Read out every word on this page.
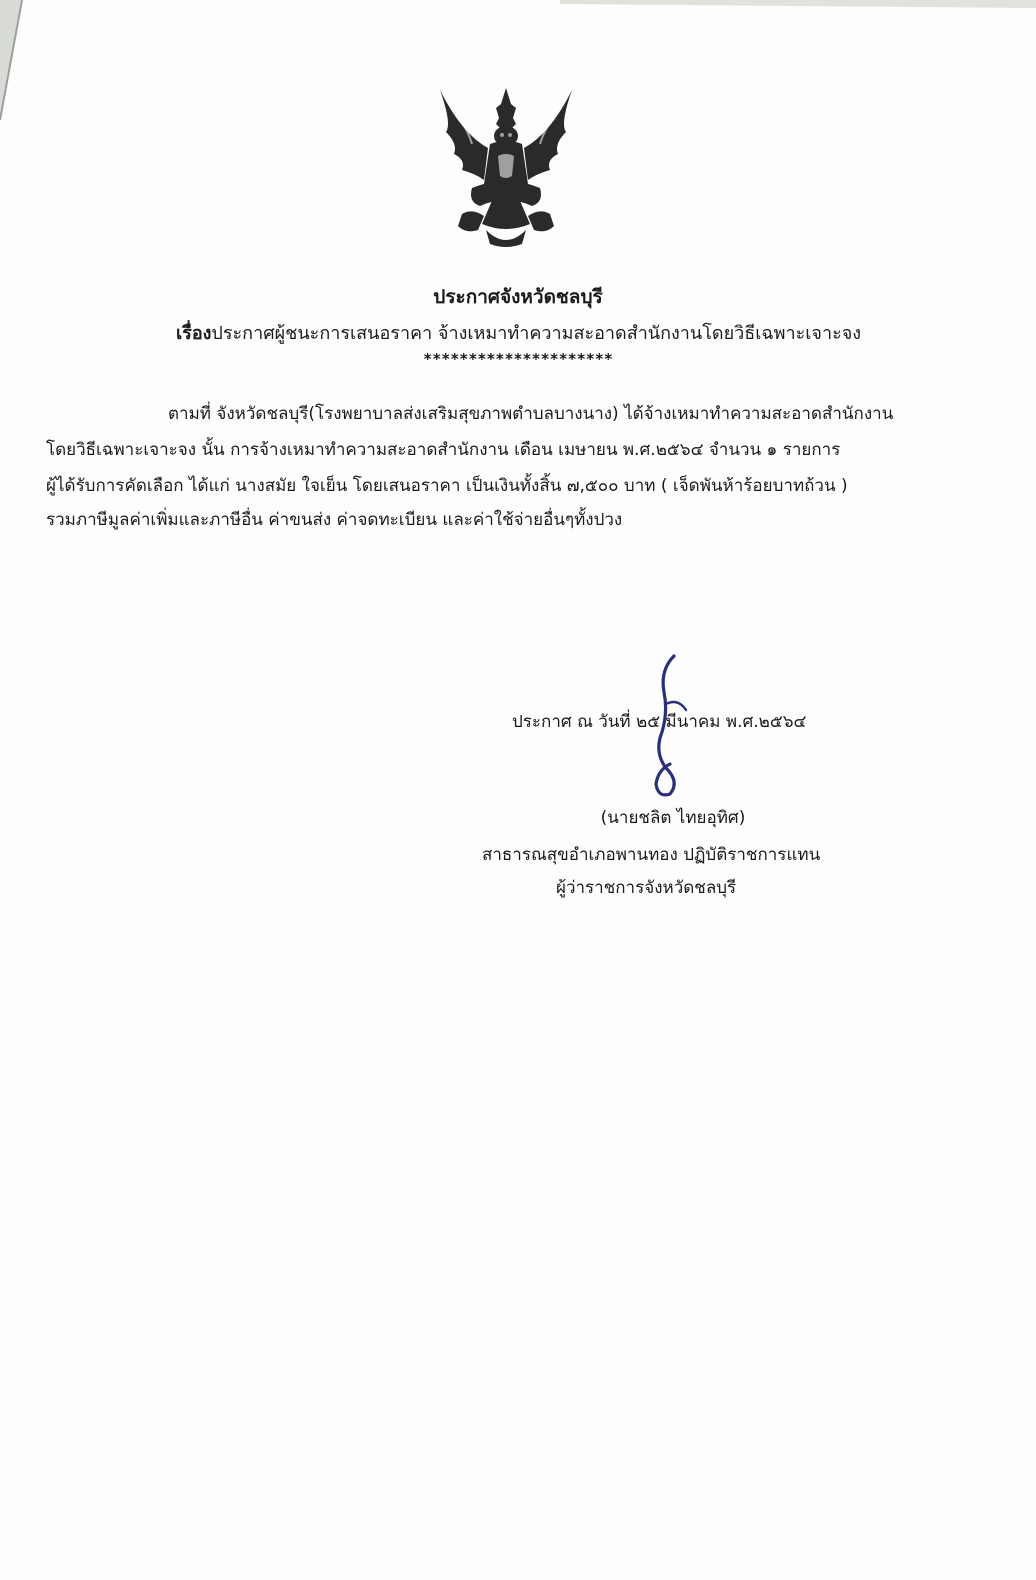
ประกาศจังหวัดชลบุรี
เรื่องประกาศผู้ชนะการเสนอราคา จ้างเหมาทำความสะอาดสำนักงานโดยวิธีเฉพาะเจาะจง
*********************
ตามที่ จังหวัดชลบุรี(โรงพยาบาลส่งเสริมสุขภาพตำบลบางนาง) ได้จ้างเหมาทำความสะอาดสำนักงาน
โดยวิธีเฉพาะเจาะจง นั้น การจ้างเหมาทำความสะอาดสำนักงาน เดือน เมษายน พ.ศ.๒๕๖๔ จำนวน ๑ รายการ
ผู้ได้รับการคัดเลือก ได้แก่ นางสมัย ใจเย็น โดยเสนอราคา เป็นเงินทั้งสิ้น ๗,๕๐๐ บาท ( เจ็ดพันห้าร้อยบาทถ้วน )
รวมภาษีมูลค่าเพิ่มและภาษีอื่น ค่าขนส่ง ค่าจดทะเบียน และค่าใช้จ่ายอื่นๆทั้งปวง
ประกาศ ณ วันที่ ๒๕ มีนาคม พ.ศ.๒๕๖๔
(นายชลิต ไทยอุทิศ)
สาธารณสุขอำเภอพานทอง ปฏิบัติราชการแทน
ผู้ว่าราชการจังหวัดชลบุรี
